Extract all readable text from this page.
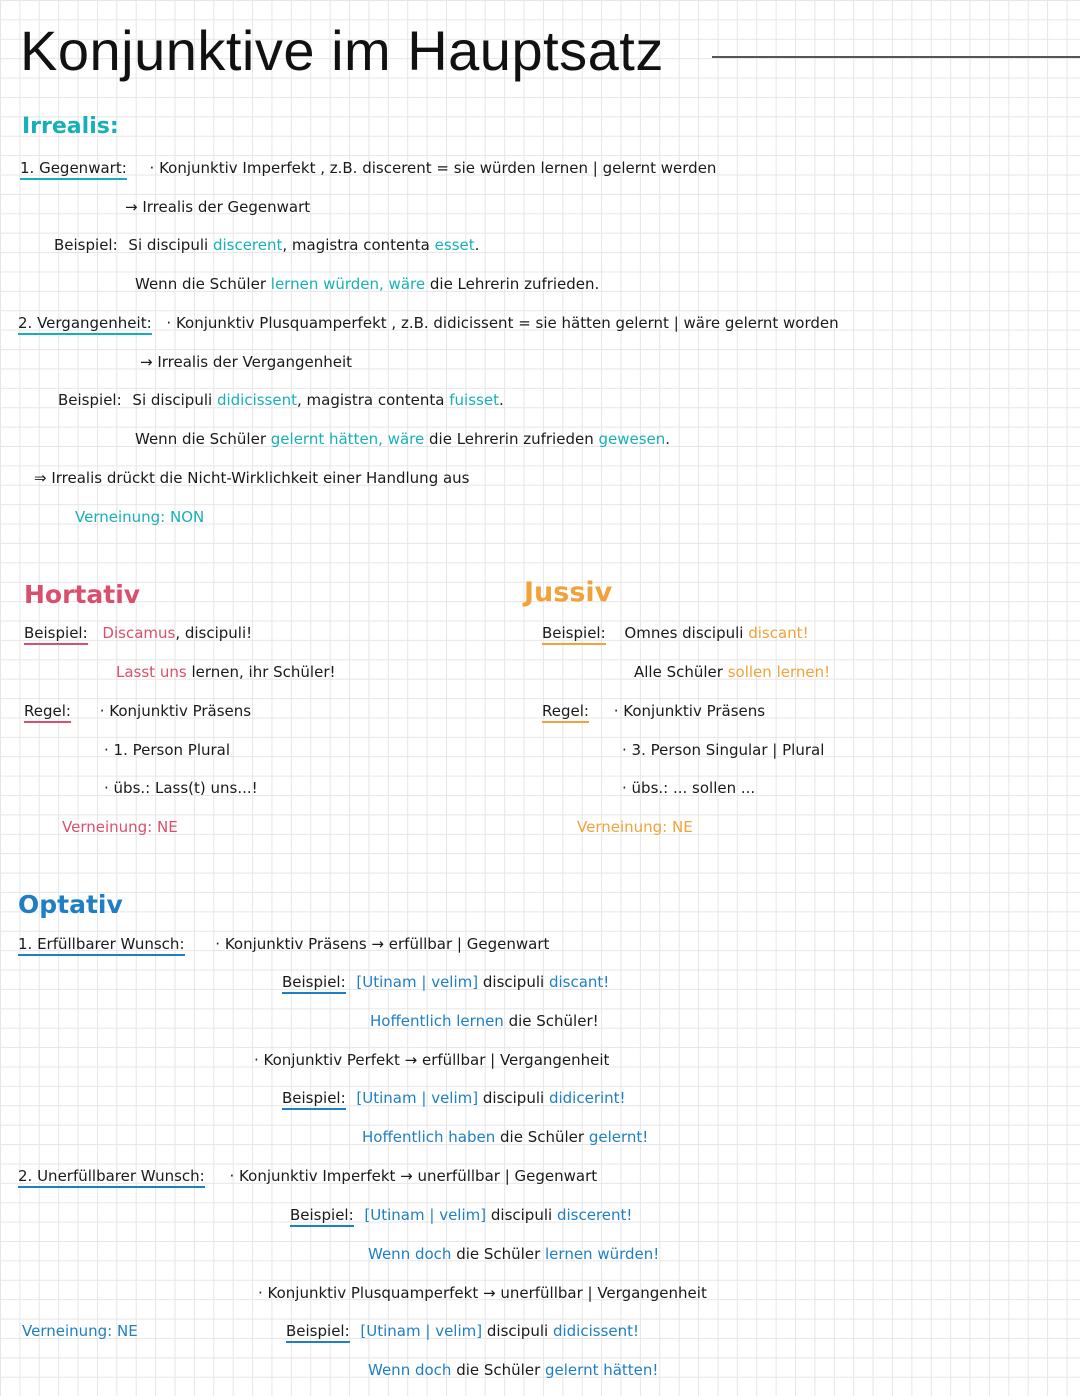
Konjunktive im Hauptsatz
Irrealis:
1. Gegenwart: · Konjunktiv Imperfekt , z.B. discerent = sie würden lernen | gelernt werden
→ Irrealis der Gegenwart
Beispiel: Si discipuli discerent, magistra contenta esset.
Wenn die Schüler lernen würden, wäre die Lehrerin zufrieden.
2. Vergangenheit: · Konjunktiv Plusquamperfekt , z.B. didicissent = sie hätten gelernt | wäre gelernt worden
→ Irrealis der Vergangenheit
Beispiel: Si discipuli didicissent, magistra contenta fuisset.
Wenn die Schüler gelernt hätten, wäre die Lehrerin zufrieden gewesen.
⇒ Irrealis drückt die Nicht-Wirklichkeit einer Handlung aus
Verneinung: NON
Hortativ
Beispiel: Discamus, discipuli!
Lasst uns lernen, ihr Schüler!
Regel: · Konjunktiv Präsens
· 1. Person Plural
· übs.: Lass(t) uns...!
Verneinung: NE
Jussiv
Beispiel: Omnes discipuli discant!
Alle Schüler sollen lernen!
Regel: · Konjunktiv Präsens
· 3. Person Singular | Plural
· übs.: ... sollen ...
Verneinung: NE
Optativ
1. Erfüllbarer Wunsch: · Konjunktiv Präsens → erfüllbar | Gegenwart
Beispiel: [Utinam | velim] discipuli discant!
Hoffentlich lernen die Schüler!
· Konjunktiv Perfekt → erfüllbar | Vergangenheit
Beispiel: [Utinam | velim] discipuli didicerint!
Hoffentlich haben die Schüler gelernt!
2. Unerfüllbarer Wunsch: · Konjunktiv Imperfekt → unerfüllbar | Gegenwart
Beispiel: [Utinam | velim] discipuli discerent!
Wenn doch die Schüler lernen würden!
· Konjunktiv Plusquamperfekt → unerfüllbar | Vergangenheit
Verneinung: NE	Beispiel: [Utinam | velim] discipuli didicissent!
Wenn doch die Schüler gelernt hätten!
